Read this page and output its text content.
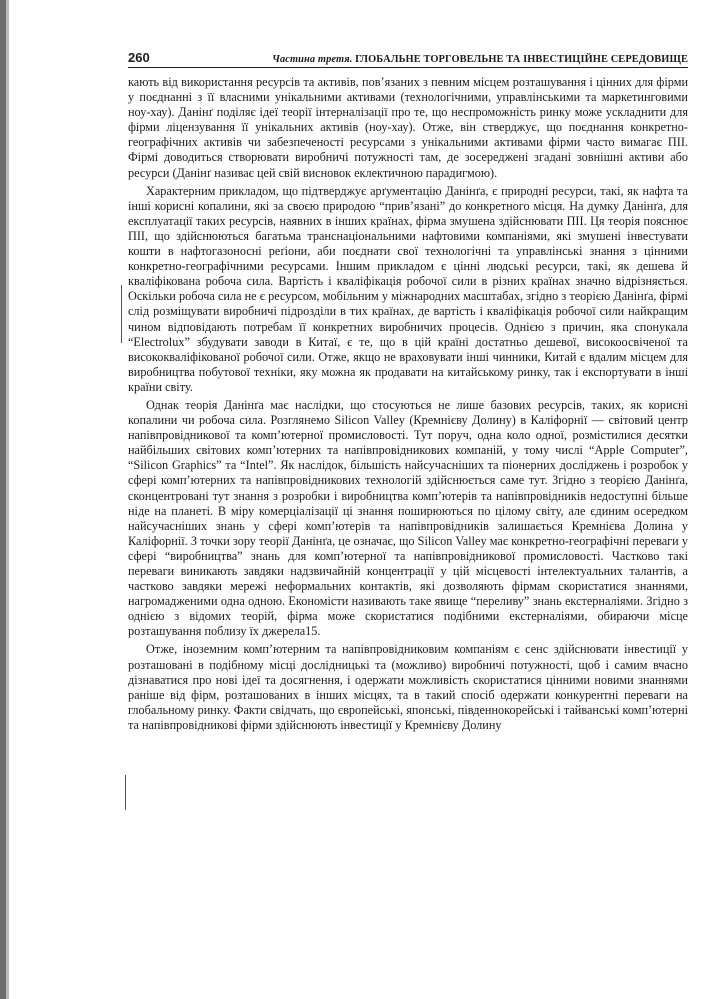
260	Частина третя. ГЛОБАЛЬНЕ ТОРГОВЕЛЬНЕ ТА ІНВЕСТИЦІЙНЕ СЕРЕДОВИЩЕ

кають від використання ресурсів та активів, пов’язаних з певним місцем розташування і цінних для фірми у поєднанні з її власними унікальними активами (технологічними, управлінськими та маркетинговими ноу-хау). Данінґ поділяє ідеї теорії інтерналізації про те, що неспроможність ринку може ускладнити для фірми ліцензування її унікальних активів (ноу-хау). Отже, він стверджує, що поєднання конкретно-географічних активів чи забезпеченості ресурсами з унікальними активами фірми часто вимагає ПІІ. Фірмі доводиться створювати виробничі потужності там, де зосереджені згадані зовнішні активи або ресурси (Данінґ називає цей свій висновок еклектичною парадигмою).

Характерним прикладом, що підтверджує арґументацію Данінґа, є природні ресурси, такі, як нафта та інші корисні копалини, які за своєю природою “прив’язані” до конкретного місця. На думку Данінґа, для експлуатації таких ресурсів, наявних в інших країнах, фірма змушена здійснювати ПІІ. Ця теорія пояснює ПІІ, що здійснюються багатьма транснаціональними нафтовими компаніями, які змушені інвестувати кошти в нафтогазоносні реґіони, аби поєднати свої технологічні та управлінські знання з цінними конкретно-географічними ресурсами. Іншим прикладом є цінні людські ресурси, такі, як дешева й кваліфікована робоча сила. Вартість і кваліфікація робочої сили в різних країнах значно відрізняється. Оскільки робоча сила не є ресурсом, мобільним у міжнародних масштабах, згідно з теорією Данінґа, фірмі слід розміщувати виробничі підрозділи в тих країнах, де вартість і кваліфікація робочої сили найкращим чином відповідають потребам її конкретних виробничих процесів. Однією з причин, яка спонукала “Electrolux” збудувати заводи в Китаї, є те, що в цій країні достатньо дешевої, високоосвіченої та висококваліфікованої робочої сили. Отже, якщо не враховувати інші чинники, Китай є вдалим місцем для виробництва побутової техніки, яку можна як продавати на китайському ринку, так і експортувати в інші країни світу.

Однак теорія Данінґа має наслідки, що стосуються не лише базових ресурсів, таких, як корисні копалини чи робоча сила. Розглянемо Silicon Valley (Кремнієву Долину) в Каліфорнії — світовий центр напівпровідникової та комп’ютерної промисловості. Тут поруч, одна коло одної, розмістилися десятки найбільших світових комп’ютерних та напівпровідникових компаній, у тому числі “Apple Computer”, “Silicon Graphics” та “Intel”. Як наслідок, більшість найсучасніших та піонерних досліджень і розробок у сфері комп’ютерних та напівпровідникових технологій здійснюється саме тут. Згідно з теорією Данінґа, сконцентровані тут знання з розробки і виробництва комп’ютерів та напівпровідників недоступні більше ніде на планеті. В міру комерціалізації ці знання поширюються по цілому світу, але єдиним осередком найсучасніших знань у сфері комп’ютерів та напівпровідників залишається Кремнієва Долина у Каліфорнії. З точки зору теорії Данінґа, це означає, що Silicon Valley має конкретно-географічні переваги у сфері “виробництва” знань для комп’ютерної та напівпровідникової промисловості. Частково такі переваги виникають завдяки надзвичайній концентрації у цій місцевості інтелектуальних талантів, а частково завдяки мережі неформальних контактів, які дозволяють фірмам скористатися знаннями, нагромадженими одна одною. Економісти називають таке явище “переливу” знань екстерналіями. Згідно з однією з відомих теорій, фірма може скористатися подібними екстерналіями, обираючи місце розташування поблизу їх джерела15.

Отже, іноземним комп’ютерним та напівпровідниковим компаніям є сенс здійснювати інвестиції у розташовані в подібному місці дослідницькі та (можливо) виробничі потужності, щоб і самим вчасно дізнаватися про нові ідеї та досягнення, і одержати можливість скористатися цінними новими знаннями раніше від фірм, розташованих в інших місцях, та в такий спосіб одержати конкурентні переваги на глобальному ринку. Факти свідчать, що європейські, японські, південнокорейські і тайванські комп’ютерні та напівпровідникові фірми здійснюють інвестиції у Кремнієву Долину
